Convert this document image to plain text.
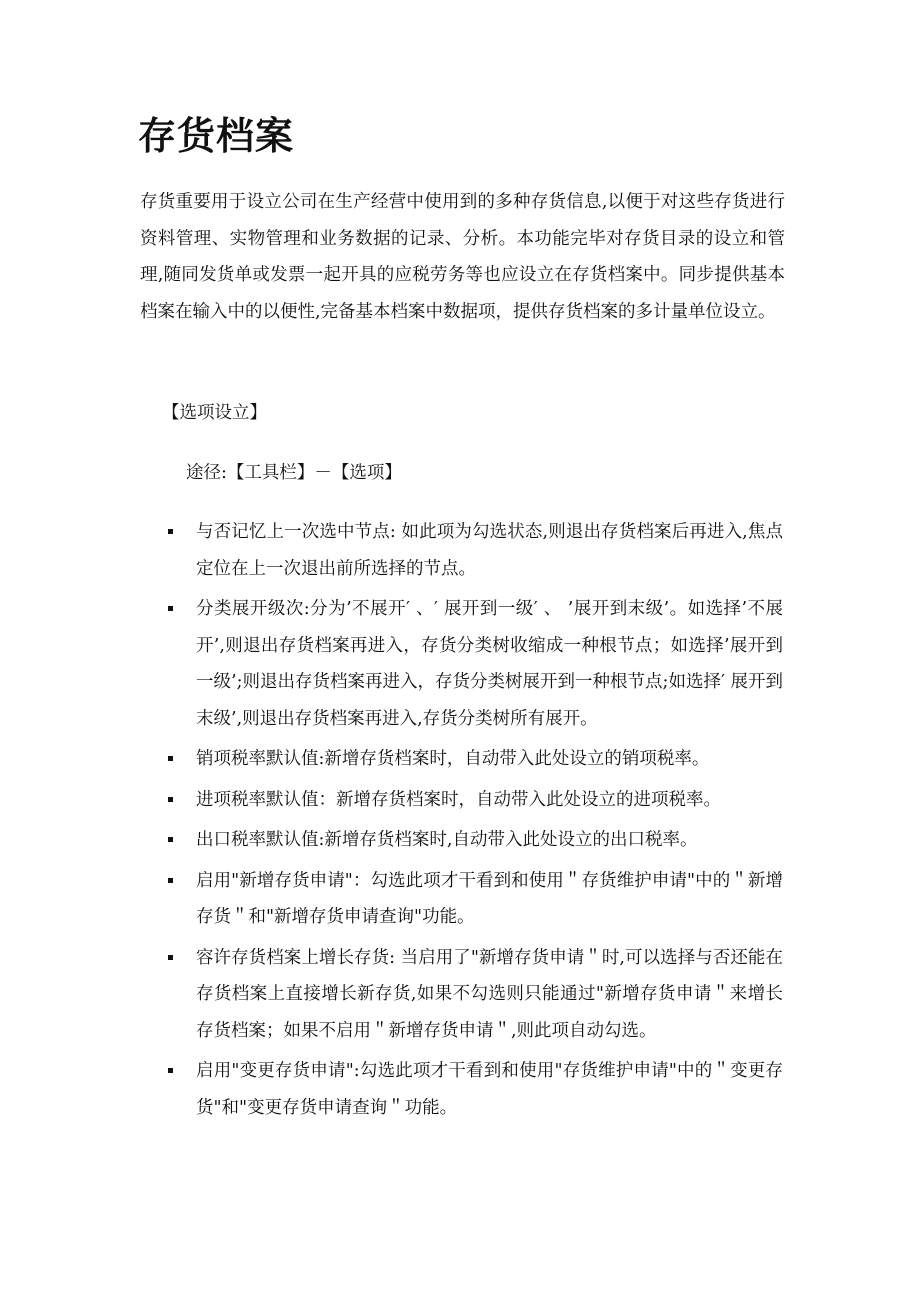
存货档案

存货重要用于设立公司在生产经营中使用到的多种存货信息,以便于对这些存货进行资料管理、实物管理和业务数据的记录、分析。本功能完毕对存货目录的设立和管理,随同发货单或发票一起开具的应税劳务等也应设立在存货档案中。同步提供基本档案在输入中的以便性,完备基本档案中数据项，提供存货档案的多计量单位设立。

【选项设立】

途径:【工具栏】－【选项】

与否记忆上一次选中节点: 如此项为勾选状态,则退出存货档案后再进入,焦点定位在上一次退出前所选择的节点。
分类展开级次:分为’不展开′ 、′ 展开到一级′ 、 ’展开到末级’。如选择’不展开’,则退出存货档案再进入，存货分类树收缩成一种根节点；如选择’展开到一级’;则退出存货档案再进入，存货分类树展开到一种根节点;如选择′ 展开到末级’,则退出存货档案再进入,存货分类树所有展开。
销项税率默认值:新增存货档案时，自动带入此处设立的销项税率。
进项税率默认值：新增存货档案时，自动带入此处设立的进项税率。
出口税率默认值:新增存货档案时,自动带入此处设立的出口税率。
启用"新增存货申请"：勾选此项才干看到和使用＂存货维护申请"中的＂新增存货＂和"新增存货申请查询"功能。
容许存货档案上增长存货: 当启用了"新增存货申请＂时,可以选择与否还能在存货档案上直接增长新存货,如果不勾选则只能通过"新增存货申请＂来增长存货档案；如果不启用＂新增存货申请＂,则此项自动勾选。
启用"变更存货申请":勾选此项才干看到和使用"存货维护申请"中的＂变更存货"和"变更存货申请查询＂功能。
